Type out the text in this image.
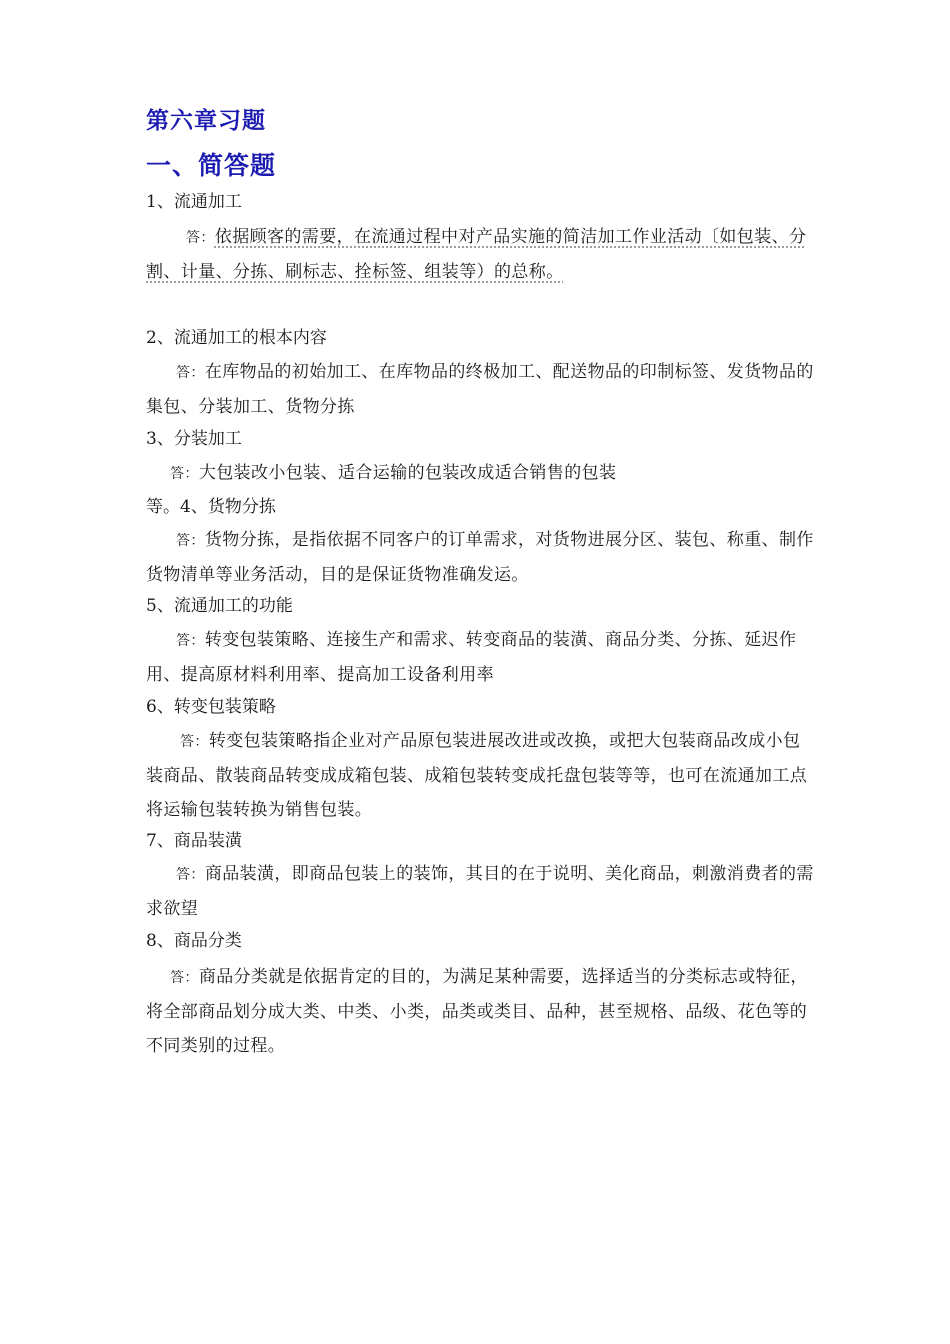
第六章习题
一、简答题
1、流通加工
答：依据顾客的需要，在流通过程中对产品实施的简洁加工作业活动〔如包装、分割、计量、分拣、刷标志、拴标签、组装等）的总称。
2、流通加工的根本内容
答：在库物品的初始加工、在库物品的终极加工、配送物品的印制标签、发货物品的集包、分装加工、货物分拣
3、分装加工
答：大包装改小包装、适合运输的包装改成适合销售的包装
等。4、货物分拣
答：货物分拣，是指依据不同客户的订单需求，对货物进展分区、装包、称重、制作货物清单等业务活动，目的是保证货物准确发运。
5、流通加工的功能
答：转变包装策略、连接生产和需求、转变商品的装潢、商品分类、分拣、延迟作用、提高原材料利用率、提高加工设备利用率
6、转变包装策略
答：转变包装策略指企业对产品原包装进展改进或改换，或把大包装商品改成小包装商品、散装商品转变成成箱包装、成箱包装转变成托盘包装等等，也可在流通加工点将运输包装转换为销售包装。
7、商品装潢
答：商品装潢，即商品包装上的装饰，其目的在于说明、美化商品，刺激消费者的需求欲望
8、商品分类
答：商品分类就是依据肯定的目的，为满足某种需要，选择适当的分类标志或特征，将全部商品划分成大类、中类、小类，品类或类目、品种，甚至规格、品级、花色等的不同类别的过程。
